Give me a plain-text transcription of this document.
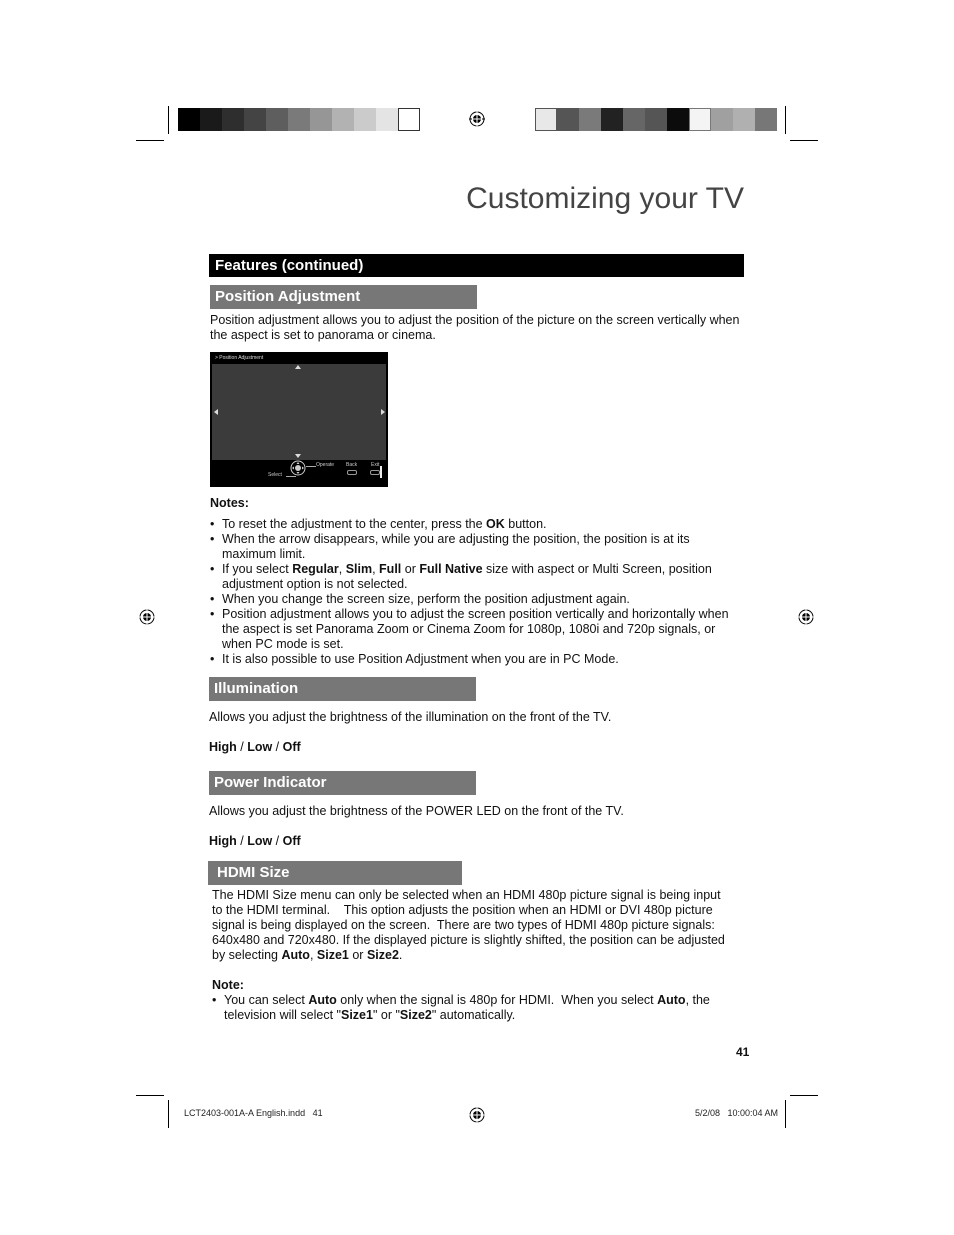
Customizing your TV
Features (continued)
Position Adjustment
Position adjustment allows you to adjust the position of the picture on the screen vertically when
the aspect is set to panorama or cinema.
> Position Adjustment
Operate Back	Exit
Select
Notes:
• To reset the adjustment to the center, press the OK button.
• When the arrow disappears, while you are adjusting the position, the position is at its maximum limit.
• If you select Regular, Slim, Full or Full Native size with aspect or Multi Screen, position adjustment option is not selected.
• When you change the screen size, perform the position adjustment again.
• Position adjustment allows you to adjust the screen position vertically and horizontally when the aspect is set Panorama Zoom or Cinema Zoom for 1080p, 1080i and 720p signals, or when PC mode is set.
• It is also possible to use Position Adjustment when you are in PC Mode.
Illumination
Allows you adjust the brightness of the illumination on the front of the TV.
High / Low / Off
Power Indicator
Allows you adjust the brightness of the POWER LED on the front of the TV.
High / Low / Off
HDMI Size
The HDMI Size menu can only be selected when an HDMI 480p picture signal is being input
to the HDMI terminal.    This option adjusts the position when an HDMI or DVI 480p picture
signal is being displayed on the screen.  There are two types of HDMI 480p picture signals:
640x480 and 720x480. If the displayed picture is slightly shifted, the position can be adjusted
by selecting Auto, Size1 or Size2.
Note:
• You can select Auto only when the signal is 480p for HDMI.  When you select Auto, the television will select "Size1" or "Size2" automatically.
41
LCT2403-001A-A English.indd   41	5/2/08   10:00:04 AM
